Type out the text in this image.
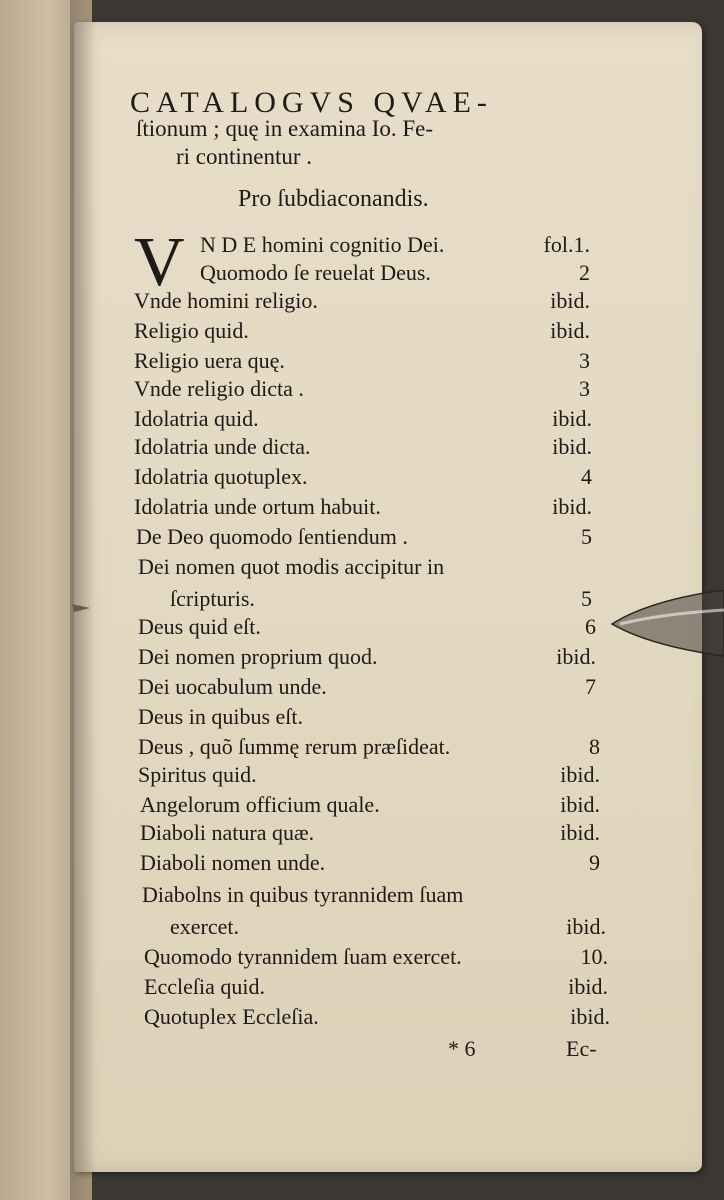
CATALOGVS QVAE-
ſtionum ; quę in examina Io. Fe-
ri continentur .
Pro ſubdiaconandis.
V N D E homini cognitio Dei.	fol.1.
Quomodo ſe reuelat Deus.	2
Vnde homini religio.	ibid.
Religio quid.	ibid.
Religio uera quę.	3
Vnde religio dicta .	3
Idolatria quid.	ibid.
Idolatria unde dicta.	ibid.
Idolatria quotuplex.	4
Idolatria unde ortum habuit.	ibid.
De Deo quomodo ſentiendum .	5
Dei nomen quot modis accipitur in
ſcripturis.	5
Deus quid eſt.	6
Dei nomen proprium quod.	ibid.
Dei uocabulum unde.	7
Deus in quibus eſt.
Deus , quõ ſummę rerum præſideat.	8
Spiritus quid.	ibid.
Angelorum officium quale.	ibid.
Diaboli natura quæ.	ibid.
Diaboli nomen unde.	9
Diabolns in quibus tyrannidem ſuam
exercet.	ibid.
Quomodo tyrannidem ſuam exercet.	10.
Eccleſia quid.	ibid.
Quotuplex Eccleſia.	ibid.
* 6	Ec-
